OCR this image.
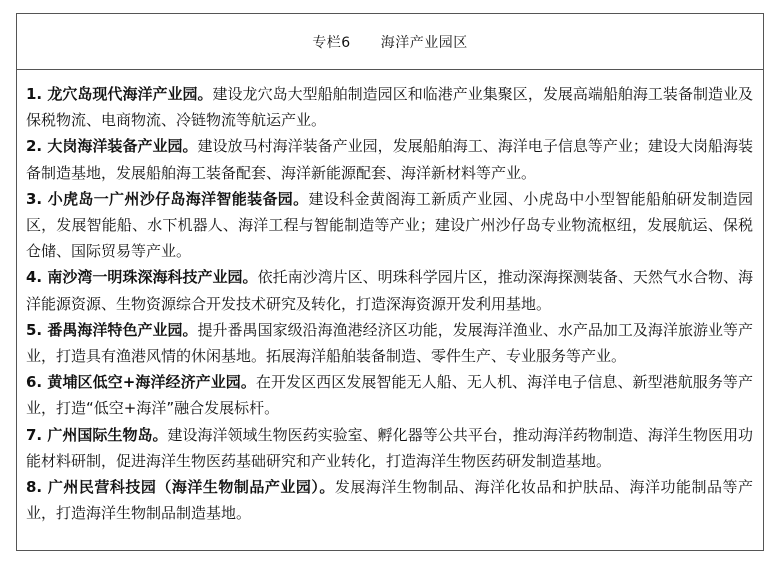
专栏6 海洋产业园区

1. 龙穴岛现代海洋产业园。建设龙穴岛大型船舶制造园区和临港产业集聚区，发展高端船舶海工装备制造业及保税物流、电商物流、冷链物流等航运产业。

2. 大岗海洋装备产业园。建设放马村海洋装备产业园，发展船舶海工、海洋电子信息等产业；建设大岗船海装备制造基地，发展船舶海工装备配套、海洋新能源配套、海洋新材料等产业。

3. 小虎岛一广州沙仔岛海洋智能装备园。建设科金黄阁海工新质产业园、小虎岛中小型智能船舶研发制造园区，发展智能船、水下机器人、海洋工程与智能制造等产业；建设广州沙仔岛专业物流枢纽，发展航运、保税仓储、国际贸易等产业。

4. 南沙湾一明珠深海科技产业园。依托南沙湾片区、明珠科学园片区，推动深海探测装备、天然气水合物、海洋能源资源、生物资源综合开发技术研究及转化，打造深海资源开发利用基地。

5. 番禺海洋特色产业园。提升番禺国家级沿海渔港经济区功能，发展海洋渔业、水产品加工及海洋旅游业等产业，打造具有渔港风情的休闲基地。拓展海洋船舶装备制造、零件生产、专业服务等产业。

6. 黄埔区低空+海洋经济产业园。在开发区西区发展智能无人船、无人机、海洋电子信息、新型港航服务等产业，打造“低空+海洋”融合发展标杆。

7. 广州国际生物岛。建设海洋领域生物医药实验室、孵化器等公共平台，推动海洋药物制造、海洋生物医用功能材料研制，促进海洋生物医药基础研究和产业转化，打造海洋生物医药研发制造基地。

8. 广州民营科技园（海洋生物制品产业园）。发展海洋生物制品、海洋化妆品和护肤品、海洋功能制品等产业，打造海洋生物制品制造基地。
